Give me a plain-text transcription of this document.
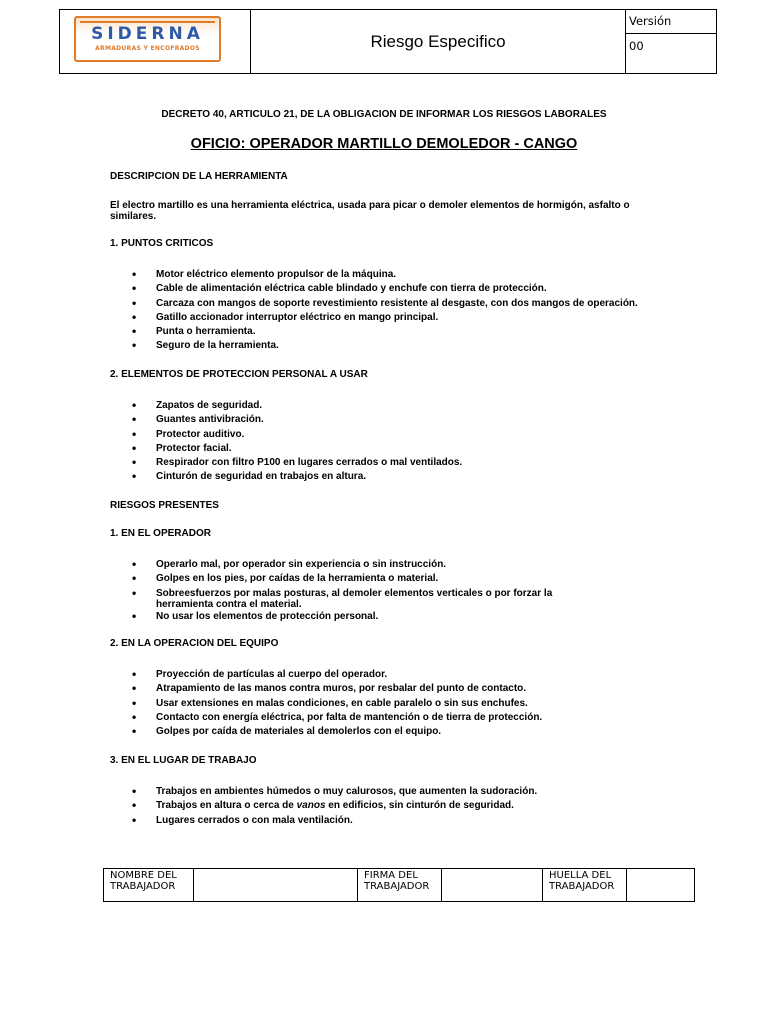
SIDERNA
ARMADURAS Y ENCOFRADOS	Riesgo Especifico
Versión
00
DECRETO 40, ARTICULO 21, DE LA OBLIGACION DE INFORMAR LOS RIESGOS LABORALES
OFICIO: OPERADOR MARTILLO DEMOLEDOR - CANGO
DESCRIPCION DE LA HERRAMIENTA
El electro martillo es una herramienta eléctrica, usada para picar o demoler elementos de hormigón, asfalto o similares.
1. PUNTOS CRITICOS
• Motor eléctrico elemento propulsor de la máquina.
• Cable de alimentación eléctrica cable blindado y enchufe con tierra de protección.
• Carcaza con mangos de soporte revestimiento resistente al desgaste, con dos mangos de operación.
• Gatillo accionador interruptor eléctrico en mango principal.
• Punta o herramienta.
• Seguro de la herramienta.
2. ELEMENTOS DE PROTECCION PERSONAL A USAR
• Zapatos de seguridad.
• Guantes antivibración.
• Protector auditivo.
• Protector facial.
• Respirador con filtro P100 en lugares cerrados o mal ventilados.
• Cinturón de seguridad en trabajos en altura.
RIESGOS PRESENTES
1. EN EL OPERADOR
• Operarlo mal, por operador sin experiencia o sin instrucción.
• Golpes en los pies, por caídas de la herramienta o material.
• Sobreesfuerzos por malas posturas, al demoler elementos verticales o por forzar la herramienta contra el material.
• No usar los elementos de protección personal.
2. EN LA OPERACION DEL EQUIPO
• Proyección de partículas al cuerpo del operador.
• Atrapamiento de las manos contra muros, por resbalar del punto de contacto.
• Usar extensiones en malas condiciones, en cable paralelo o sin sus enchufes.
• Contacto con energía eléctrica, por falta de mantención o de tierra de protección.
• Golpes por caída de materiales al demolerlos con el equipo.
3. EN EL LUGAR DE TRABAJO
• Trabajos en ambientes húmedos o muy calurosos, que aumenten la sudoración.
• Trabajos en altura o cerca de vanos en edificios, sin cinturón de seguridad.
• Lugares cerrados o con mala ventilación.
NOMBRE DEL TRABAJADOR
FIRMA DEL TRABAJADOR
HUELLA DEL TRABAJADOR
